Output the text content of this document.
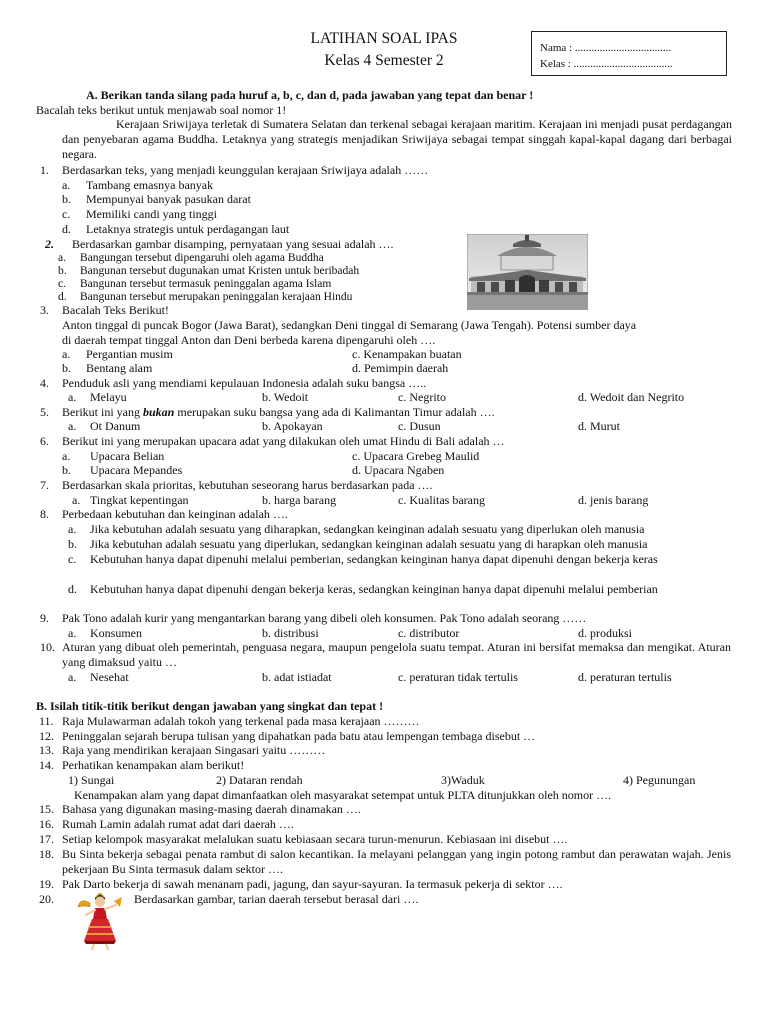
LATIHAN SOAL IPAS
Kelas 4 Semester 2
Nama : ...................................
Kelas : ....................................
A. Berikan tanda silang pada huruf a, b, c, dan d, pada jawaban yang tepat dan benar !
Bacalah teks berikut untuk menjawab soal nomor 1!
Kerajaan Sriwijaya terletak di Sumatera Selatan dan terkenal sebagai kerajaan maritim. Kerajaan ini menjadi pusat perdagangan dan penyebaran agama Buddha. Letaknya yang strategis menjadikan Sriwijaya sebagai tempat singgah kapal-kapal dagang dari berbagai negara.
1. Berdasarkan teks, yang menjadi keunggulan kerajaan Sriwijaya adalah ……
a. Tambang emasnya banyak
b. Mempunyai banyak pasukan darat
c. Memiliki candi yang tinggi
d. Letaknya strategis untuk perdagangan laut
2. Berdasarkan gambar disamping, pernyataan yang sesuai adalah ….
a. Bangungan tersebut dipengaruhi oleh agama Buddha
b. Bangunan tersebut dugunakan umat Kristen untuk beribadah
c. Bangunan tersebut termasuk peninggalan agama Islam
d. Bangunan tersebut merupakan peninggalan kerajaan Hindu
3. Bacalah Teks Berikut!
Anton tinggal di puncak Bogor (Jawa Barat), sedangkan Deni tinggal di Semarang (Jawa Tengah). Potensi sumber daya
di daerah tempat tinggal Anton dan Deni berbeda karena dipengaruhi oleh ….
a. Pergantian musim	c. Kenampakan buatan
b. Bentang alam	d. Pemimpin daerah
4. Penduduk asli yang mendiami kepulauan Indonesia adalah suku bangsa …..
a. Melayu	b. Wedoit	c. Negrito	d. Wedoit dan Negrito
5. Berikut ini yang bukan merupakan suku bangsa yang ada di Kalimantan Timur adalah ….
a. Ot Danum	b. Apokayan	c. Dusun	d. Murut
6. Berikut ini yang merupakan upacara adat yang dilakukan oleh umat Hindu di Bali adalah …
a. Upacara Belian	c. Upacara Grebeg Maulid
b. Upacara Mepandes	d. Upacara Ngaben
7. Berdasarkan skala prioritas, kebutuhan seseorang harus berdasarkan pada ….
a. Tingkat kepentingan	b. harga barang	c. Kualitas barang	d. jenis barang
8. Perbedaan kebutuhan dan keinginan adalah ….
a. Jika kebutuhan adalah sesuatu yang diharapkan, sedangkan keinginan adalah sesuatu yang diperlukan oleh manusia
b. Jika kebutuhan adalah sesuatu yang diperlukan, sedangkan keinginan adalah sesuatu yang di harapkan oleh manusia
c. Kebutuhan hanya dapat dipenuhi melalui pemberian, sedangkan keinginan hanya dapat dipenuhi dengan bekerja keras
d. Kebutuhan hanya dapat dipenuhi dengan bekerja keras, sedangkan keinginan hanya dapat dipenuhi melalui pemberian
9. Pak Tono adalah kurir yang mengantarkan barang yang dibeli oleh konsumen. Pak Tono adalah seorang ……
a. Konsumen	b. distribusi	c. distributor	d. produksi
10. Aturan yang dibuat oleh pemerintah, penguasa negara, maupun pengelola suatu tempat. Aturan ini bersifat memaksa dan mengikat. Aturan yang dimaksud yaitu …
a. Nesehat	b. adat istiadat	c. peraturan tidak tertulis	d. peraturan tertulis
B. Isilah titik-titik berikut dengan jawaban yang singkat dan tepat !
11. Raja Mulawarman adalah tokoh yang terkenal pada masa kerajaan ………
12. Peninggalan sejarah berupa tulisan yang dipahatkan pada batu atau lempengan tembaga disebut …
13. Raja yang mendirikan kerajaan Singasari yaitu ………
14. Perhatikan kenampakan alam berikut!
1) Sungai	2) Dataran rendah	3)Waduk	4) Pegunungan
Kenampakan alam yang dapat dimanfaatkan oleh masyarakat setempat untuk PLTA ditunjukkan oleh nomor ….
15. Bahasa yang digunakan masing-masing daerah dinamakan ….
16. Rumah Lamin adalah rumat adat dari daerah ….
17. Setiap kelompok masyarakat melalukan suatu kebiasaan secara turun-menurun. Kebiasaan ini disebut ….
18. Bu Sinta bekerja sebagai penata rambut di salon kecantikan. Ia melayani pelanggan yang ingin potong rambut dan perawatan wajah. Jenis pekerjaan Bu Sinta termasuk dalam sektor ….
19. Pak Darto bekerja di sawah menanam padi, jagung, dan sayur-sayuran. Ia termasuk pekerja di sektor ….
20.	Berdasarkan gambar, tarian daerah tersebut berasal dari ….
